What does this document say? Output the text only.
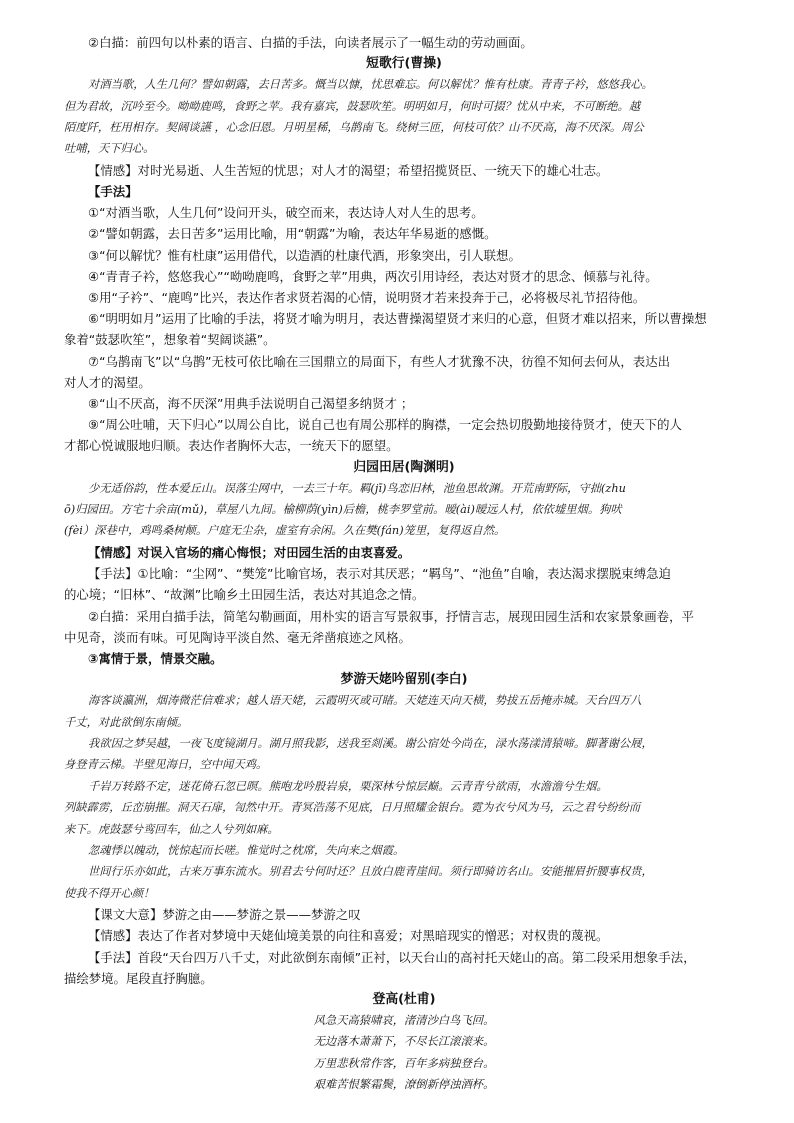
②白描：前四句以朴素的语言、白描的手法，向读者展示了一幅生动的劳动画面。
短歌行(曹操)
对酒当歌，人生几何？譬如朝露，去日苦多。慨当以慷，忧思难忘。何以解忧？惟有杜康。青青子衿，悠悠我心。
但为君故，沉吟至今。呦呦鹿鸣，食野之苹。我有嘉宾，鼓瑟吹笙。明明如月，何时可掇？忧从中来，不可断绝。越
陌度阡，枉用相存。契阔谈讌 ，心念旧恩。月明星稀，乌鹊南飞。绕树三匝，何枝可依？山不厌高，海不厌深。周公
吐哺，天下归心。
【情感】对时光易逝、人生苦短的忧思；对人才的渴望；希望招揽贤臣、一统天下的雄心壮志。
【手法】
①“对酒当歌，人生几何”设问开头，破空而来，表达诗人对人生的思考。
②“譬如朝露，去日苦多”运用比喻，用“朝露”为喻，表达年华易逝的感慨。
③“何以解忧？惟有杜康”运用借代，以造酒的杜康代酒，形象突出，引人联想。
④“青青子衿，悠悠我心”“呦呦鹿鸣，食野之苹”用典，两次引用诗经，表达对贤才的思念、倾慕与礼待。
⑤用“子衿”、“鹿鸣”比兴，表达作者求贤若渴的心情，说明贤才若来投奔于己，必将极尽礼节招待他。
⑥“明明如月”运用了比喻的手法，将贤才喻为明月，表达曹操渴望贤才来归的心意，但贤才难以招来，所以曹操想
象着“鼓瑟吹笙”，想象着“契阔谈讌”。
⑦“乌鹊南飞”以“乌鹊”无枝可依比喻在三国鼎立的局面下，有些人才犹豫不决，彷徨不知何去何从，表达出
对人才的渴望。
⑧“山不厌高，海不厌深”用典手法说明自己渴望多纳贤才 ；
⑨“周公吐哺，天下归心”以周公自比，说自己也有周公那样的胸襟，一定会热切殷勤地接待贤才，使天下的人
才都心悦诚服地归顺。表达作者胸怀大志，一统天下的愿望。
归园田居(陶渊明)
少无适俗韵，性本爱丘山。误落尘网中，一去三十年。羁(jī)鸟恋旧林，池鱼思故渊。开荒南野际，守拙(zhu
ō)归园田。方宅十余亩(mǔ)，草屋八九间。榆柳荫(yìn)后檐，桃李罗堂前。暧(ài)暧远人村，依依墟里烟。狗吠
(fèi）深巷中，鸡鸣桑树颠。户庭无尘杂，虚室有余闲。久在樊(fán)笼里，复得返自然。
【情感】对误入官场的痛心悔恨；对田园生活的由衷喜爱。
【手法】①比喻：“尘网”、“樊笼”比喻官场，表示对其厌恶；“羁鸟”、“池鱼”自喻，表达渴求摆脱束缚急迫
的心境；“旧林”、“故渊”比喻乡土田园生活，表达对其追念之情。
②白描：采用白描手法，简笔勾勒画面，用朴实的语言写景叙事，抒情言志，展现田园生活和农家景象画卷，平
中见奇，淡而有味。可见陶诗平淡自然、毫无斧凿痕迹之风格。
③寓情于景，情景交融。
梦游天姥吟留别(李白)
海客谈瀛洲，烟涛微茫信难求；越人语天姥，云霞明灭或可睹。天姥连天向天横，势拔五岳掩赤城。天台四万八
千丈，对此欲倒东南倾。
我欲因之梦吴越，一夜飞度镜湖月。湖月照我影，送我至剡溪。谢公宿处今尚在，渌水荡漾清猿啼。脚著谢公屐，
身登青云梯。半壁见海日，空中闻天鸡。
千岩万转路不定，迷花倚石忽已暝。熊咆龙吟殷岩泉，栗深林兮惊层巅。云青青兮欲雨，水澹澹兮生烟。
列缺霹雳，丘峦崩摧。洞天石扉，訇然中开。青冥浩荡不见底，日月照耀金银台。霓为衣兮风为马，云之君兮纷纷而
来下。虎鼓瑟兮鸾回车，仙之人兮列如麻。
忽魂悸以魄动，恍惊起而长嗟。惟觉时之枕席，失向来之烟霞。
世间行乐亦如此，古来万事东流水。别君去兮何时还？且放白鹿青崖间。须行即骑访名山。安能摧眉折腰事权贵，
使我不得开心颜！
【课文大意】梦游之由——梦游之景——梦游之叹
【情感】表达了作者对梦境中天姥仙境美景的向往和喜爱；对黑暗现实的憎恶；对权贵的蔑视。
【手法】首段“天台四万八千丈，对此欲倒东南倾”正衬，以天台山的高衬托天姥山的高。第二段采用想象手法，
描绘梦境。尾段直抒胸臆。
登高(杜甫)
风急天高猿啸哀，渚清沙白鸟飞回。
无边落木萧萧下，不尽长江滚滚来。
万里悲秋常作客，百年多病独登台。
艰难苦恨繁霜鬓，潦倒新停浊酒杯。
